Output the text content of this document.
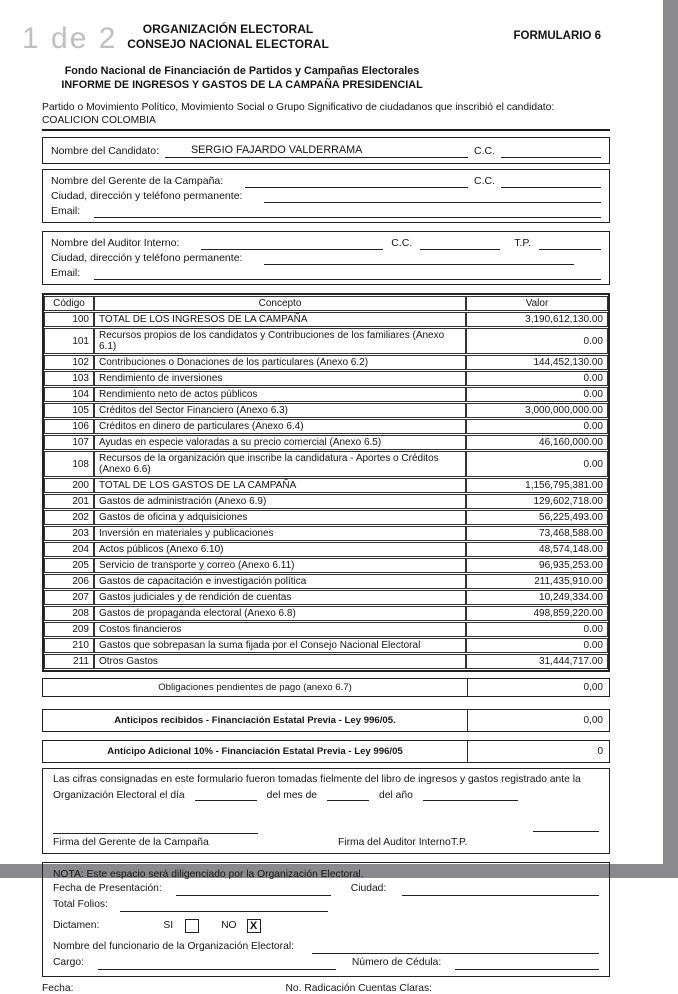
1 de 2	FORMULARIO 6
ORGANIZACIÓN ELECTORAL
CONSEJO NACIONAL ELECTORAL
Fondo Nacional de Financiación de Partidos y Campañas Electorales
INFORME DE INGRESOS Y GASTOS DE LA CAMPAÑA PRESIDENCIAL
Partido o Movimiento Político, Movimiento Social o Grupo Significativo de ciudadanos que inscribió el candidato:
COALICION COLOMBIA
Nombre del Candidato:	SERGIO FAJARDO VALDERRAMA	C.C.
Nombre del Gerente de la Campaña:	C.C.
Ciudad, dirección y teléfono permanente:
Email:
Nombre del Auditor Interno:	C.C.	T.P.
Ciudad, dirección y teléfono permanente:
Email:
Código	Concepto	Valor
100	TOTAL DE LOS INGRESOS DE LA CAMPAÑA	3,190,612,130.00
101	Recursos propios de los candidatos y Contribuciones de los familiares (Anexo 6.1)	0.00
102	Contribuciones o Donaciones de los particulares (Anexo 6.2)	144,452,130.00
103	Rendimiento de inversiones	0.00
104	Rendimiento neto de actos públicos	0.00
105	Créditos del Sector Financiero (Anexo 6.3)	3,000,000,000.00
106	Créditos en dinero de particulares (Anexo 6.4)	0.00
107	Ayudas en especie valoradas a su precio comercial (Anexo 6.5)	46,160,000.00
108	Recursos de la organización que inscribe la candidatura - Aportes o Créditos (Anexo 6.6)	0.00
200	TOTAL DE LOS GASTOS DE LA CAMPAÑA	1,156,795,381.00
201	Gastos de administración (Anexo 6.9)	129,602,718.00
202	Gastos de oficina y adquisiciones	56,225,493.00
203	Inversión en materiales y publicaciones	73,468,588.00
204	Actos públicos (Anexo 6.10)	48,574,148.00
205	Servicio de transporte y correo (Anexo 6.11)	96,935,253.00
206	Gastos de capacitación e investigación política	211,435,910.00
207	Gastos judiciales y de rendición de cuentas	10,249,334.00
208	Gastos de propaganda electoral (Anexo 6.8)	498,859,220.00
209	Costos financieros	0.00
210	Gastos que sobrepasan la suma fijada por el Consejo Nacional Electoral	0.00
211	Otros Gastos	31,444,717.00
Obligaciones pendientes de pago (anexo 6.7)	0,00
Anticipos recibidos - Financiación Estatal Previa - Ley 996/05.	0,00
Anticipo Adicional 10% - Financiación Estatal Previa - Ley 996/05	0
Las cifras consignadas en este formulario fueron tomadas fielmente del libro de ingresos y gastos registrado ante la
Organización Electoral el día	del mes de	del año
Firma del Gerente de la Campaña	Firma del Auditor Interno T.P.
NOTA: Este espacio será diligenciado por la Organización Electoral.
Fecha de Presentación:	Ciudad:
Total Folios:
Dictamen:	SI	NO	X
Nombre del funcionario de la Organización Electoral:
Cargo:	Número de Cédula:
Fecha:	No. Radicación Cuentas Claras:
